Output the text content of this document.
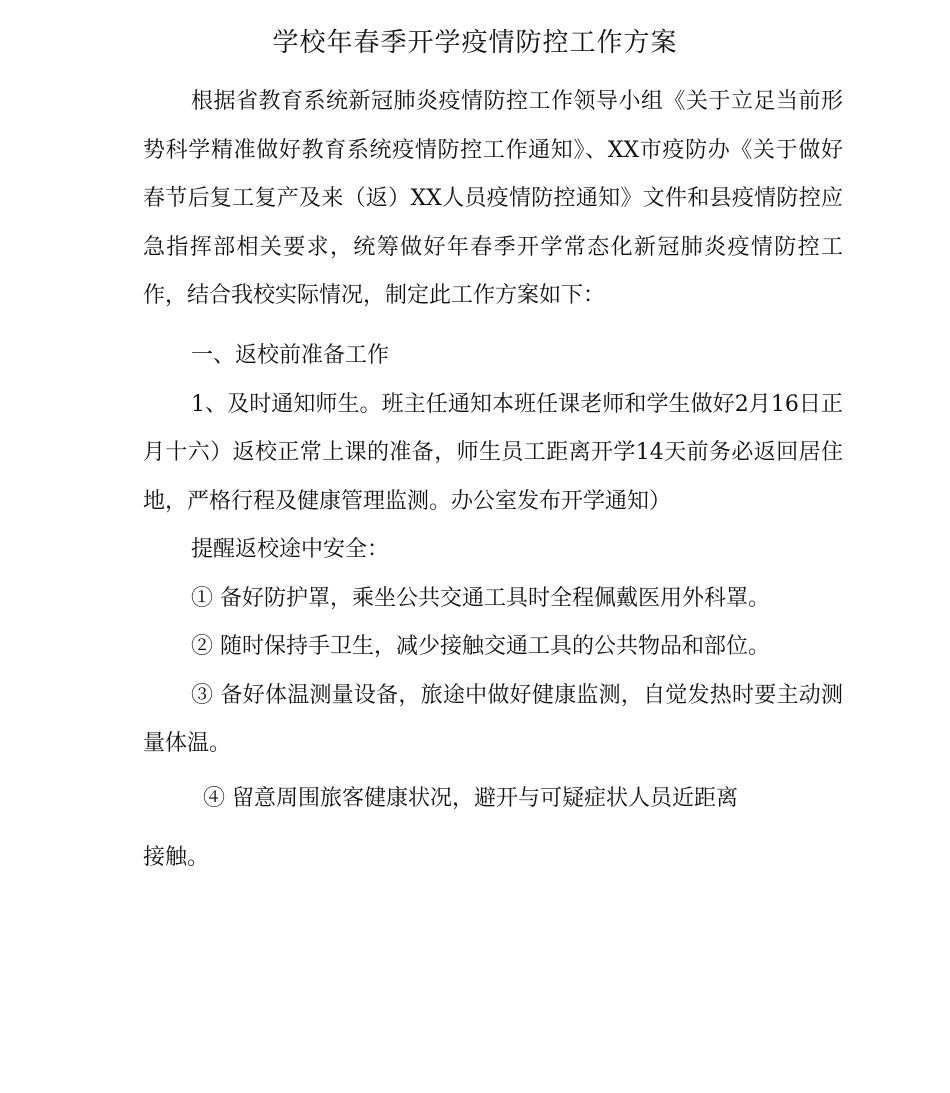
学校年春季开学疫情防控工作方案

根据省教育系统新冠肺炎疫情防控工作领导小组《关于立足当前形势科学精准做好教育系统疫情防控工作通知》、XX市疫防办《关于做好春节后复工复产及来（返）XX人员疫情防控通知》文件和县疫情防控应急指挥部相关要求，统筹做好年春季开学常态化新冠肺炎疫情防控工作，结合我校实际情况，制定此工作方案如下：

一、返校前准备工作

1、及时通知师生。班主任通知本班任课老师和学生做好2月16日正月十六）返校正常上课的准备，师生员工距离开学14天前务必返回居住地，严格行程及健康管理监测。办公室发布开学通知）

提醒返校途中安全：

① 备好防护罩，乘坐公共交通工具时全程佩戴医用外科罩。

② 随时保持手卫生，减少接触交通工具的公共物品和部位。

③ 备好体温测量设备，旅途中做好健康监测，自觉发热时要主动测量体温。

④ 留意周围旅客健康状况，避开与可疑症状人员近距离
接触。
